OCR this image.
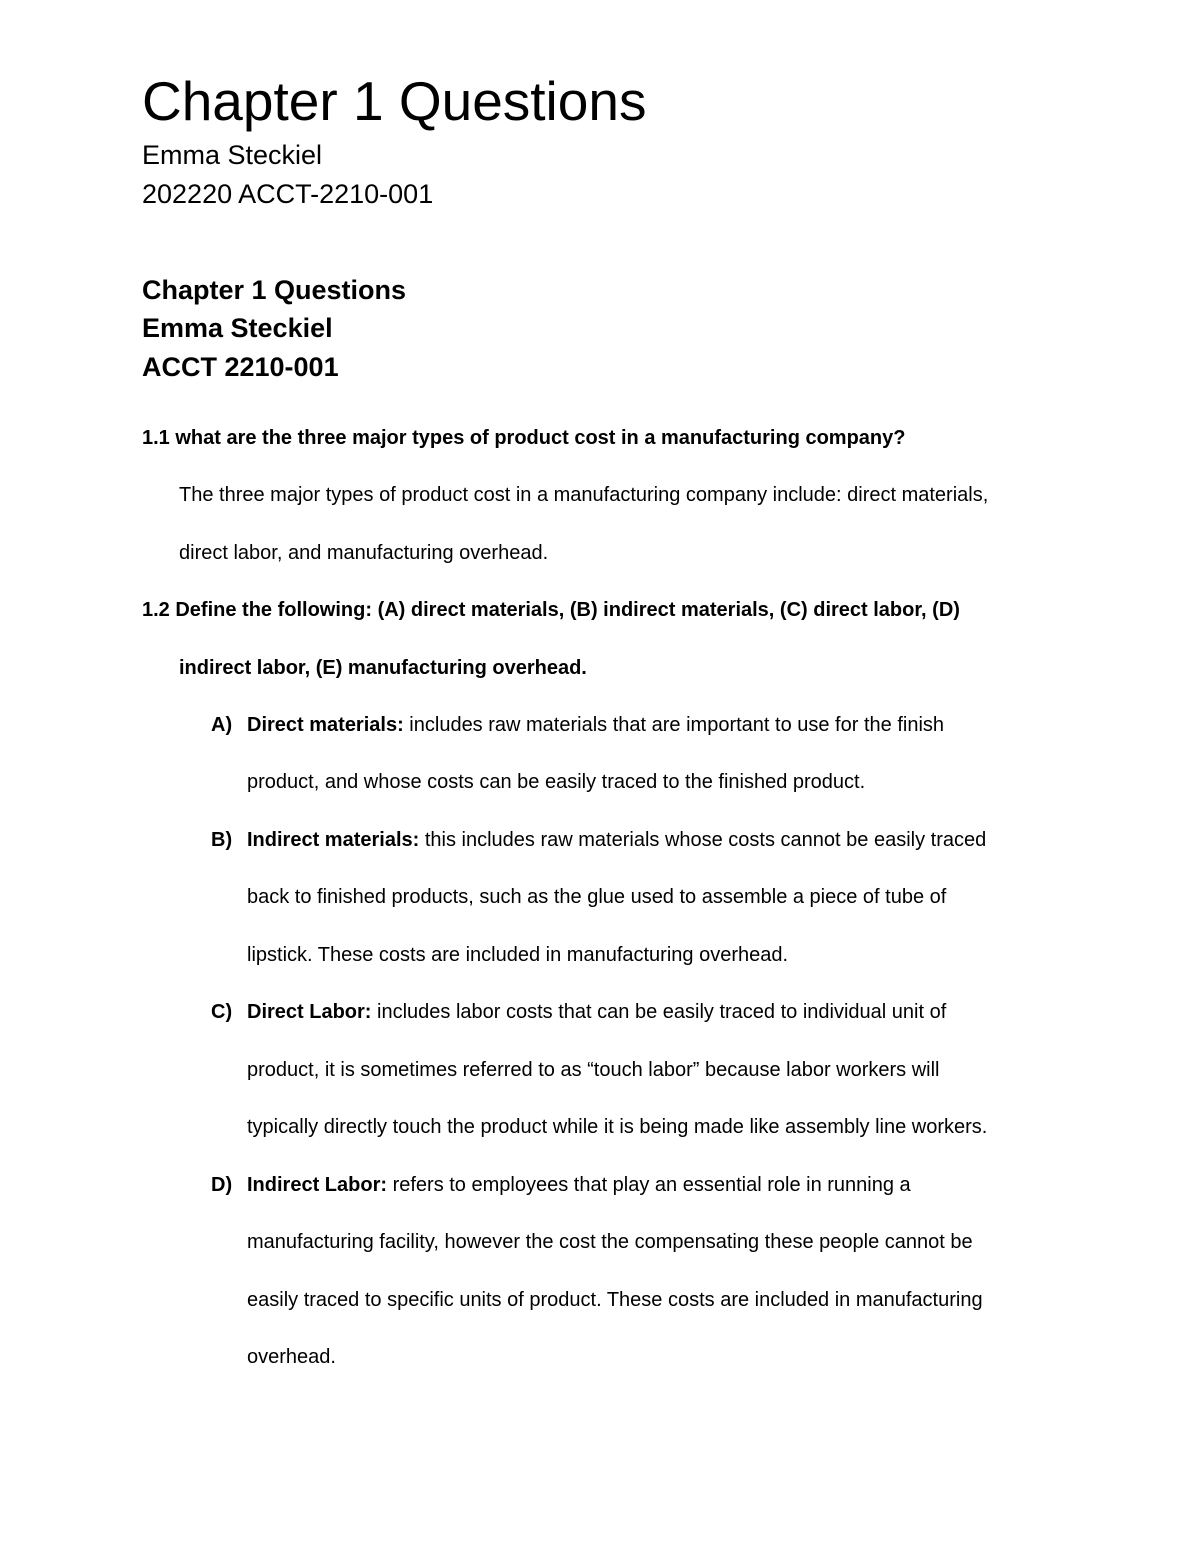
Chapter 1 Questions
Emma Steckiel
202220 ACCT-2210-001
Chapter 1 Questions
Emma Steckiel
ACCT 2210-001
1.1 what are the three major types of product cost in a manufacturing company?
The three major types of product cost in a manufacturing company include: direct materials,
direct labor, and manufacturing overhead.
1.2 Define the following: (A) direct materials, (B) indirect materials, (C) direct labor, (D)
indirect labor, (E) manufacturing overhead.
A) Direct materials: includes raw materials that are important to use for the finish
product, and whose costs can be easily traced to the finished product.
B) Indirect materials: this includes raw materials whose costs cannot be easily traced
back to finished products, such as the glue used to assemble a piece of tube of
lipstick. These costs are included in manufacturing overhead.
C) Direct Labor: includes labor costs that can be easily traced to individual unit of
product, it is sometimes referred to as “touch labor” because labor workers will
typically directly touch the product while it is being made like assembly line workers.
D) Indirect Labor: refers to employees that play an essential role in running a
manufacturing facility, however the cost the compensating these people cannot be
easily traced to specific units of product. These costs are included in manufacturing
overhead.
